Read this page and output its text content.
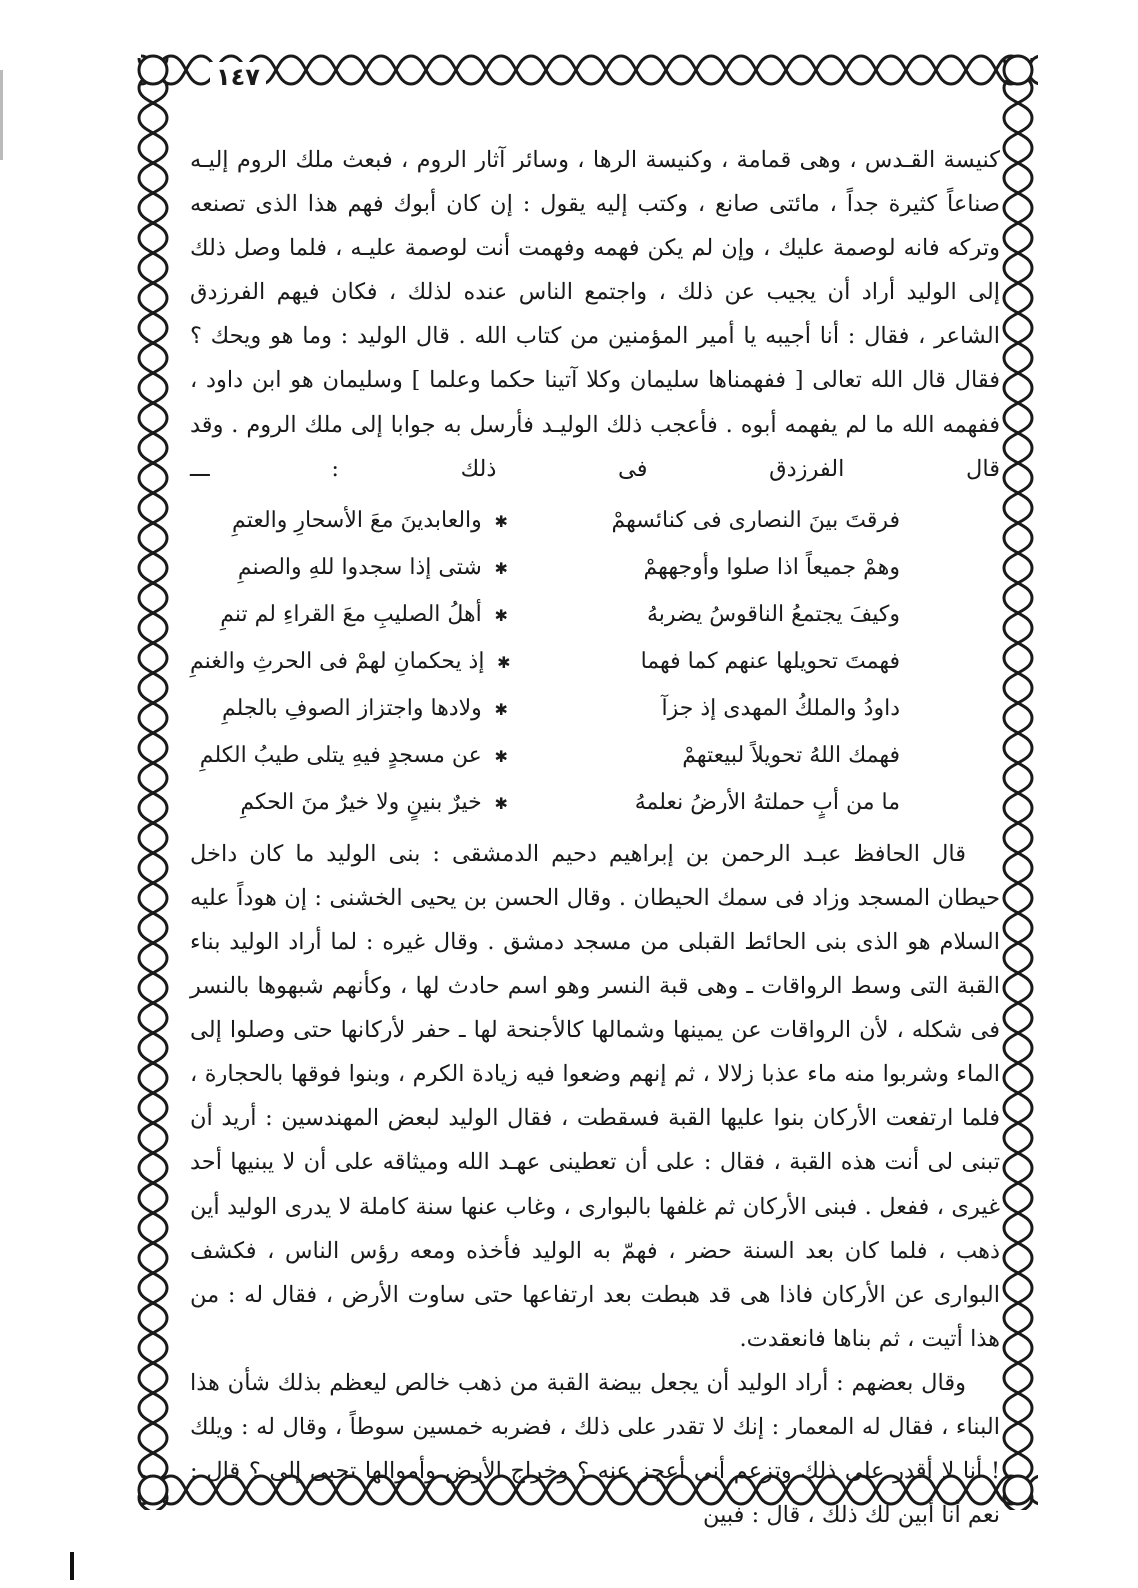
١٤٧

كنيسة القـدس ، وهى قمامة ، وكنيسة الرها ، وسائر آثار الروم ، فبعث ملك الروم إليـه صناعاً كثيرة جداً ، مائتى صانع ، وكتب إليه يقول : إن كان أبوك فهم هذا الذى تصنعه وتركه فانه لوصمة عليك ، وإن لم يكن فهمه وفهمت أنت لوصمة عليـه ، فلما وصل ذلك إلى الوليد أراد أن يجيب عن ذلك ، واجتمع الناس عنده لذلك ، فكان فيهم الفرزدق الشاعر ، فقال : أنا أجيبه يا أمير المؤمنين من كتاب الله . قال الوليد : وما هو ويحك ؟ فقال قال الله تعالى [ ففهمناها سليمان وكلا آتينا حكما وعلما ] وسليمان هو ابن داود ، ففهمه الله ما لم يفهمه أبوه . فأعجب ذلك الوليـد فأرسل به جوابا إلى ملك الروم . وقد قال الفرزدق فى ذلك : ـــ

فرقتَ بينَ النصارى فى كنائسهمْ
✱
والعابدينَ معَ الأسحارِ والعتمِ
وهمْ جميعاً اذا صلوا وأوجههمْ
✱
شتى إذا سجدوا للهِ والصنمِ
وكيفَ يجتمعُ الناقوسُ يضربهُ
✱
أهلُ الصليبِ معَ القراءِ لم تنمِ
فهمتَ تحويلها عنهم كما فهما
✱
إذ يحكمانِ لهمْ فى الحرثِ والغنمِ
داودُ والملكُ المهدى إذ جزآ
✱
ولادها واجتزاز الصوفِ بالجلمِ
فهمك اللهُ تحويلاً لبيعتهمْ
✱
عن مسجدٍ فيهِ يتلى طيبُ الكلمِ
ما من أبٍ حملتهُ الأرضُ نعلمهُ
✱
خيرٌ بنينٍ ولا خيرٌ منَ الحكمِ

قال الحافظ عبـد الرحمن بن إبراهيم دحيم الدمشقى : بنى الوليد ما كان داخل حيطان المسجد وزاد فى سمك الحيطان . وقال الحسن بن يحيى الخشنى : إن هوداً عليه السلام هو الذى بنى الحائط القبلى من مسجد دمشق . وقال غيره : لما أراد الوليد بناء القبة التى وسط الرواقات ـ وهى قبة النسر وهو اسم حادث لها ، وكأنهم شبهوها بالنسر فى شكله ، لأن الرواقات عن يمينها وشمالها كالأجنحة لها ـ حفر لأركانها حتى وصلوا إلى الماء وشربوا منه ماء عذبا زلالا ، ثم إنهم وضعوا فيه زيادة الكرم ، وبنوا فوقها بالحجارة ، فلما ارتفعت الأركان بنوا عليها القبة فسقطت ، فقال الوليد لبعض المهندسين : أريد أن تبنى لى أنت هذه القبة ، فقال : على أن تعطينى عهـد الله وميثاقه على أن لا يبنيها أحد غيرى ، ففعل . فبنى الأركان ثم غلفها بالبوارى ، وغاب عنها سنة كاملة لا يدرى الوليد أين ذهب ، فلما كان بعد السنة حضر ، فهمّ به الوليد فأخذه ومعه رؤس الناس ، فكشف البوارى عن الأركان فاذا هى قد هبطت بعد ارتفاعها حتى ساوت الأرض ، فقال له : من هذا أتيت ، ثم بناها فانعقدت.

وقال بعضهم : أراد الوليد أن يجعل بيضة القبة من ذهب خالص ليعظم بذلك شأن هذا البناء ، فقال له المعمار : إنك لا تقدر على ذلك ، فضربه خمسين سوطاً ، وقال له : ويلك ! أنا لا أقدر على ذلك وتزعم أنى أعجز عنه ؟ وخراج الأرض وأموالها تجبى إلى ؟ قال : نعم أنا أبين لك ذلك ، قال : فبين
